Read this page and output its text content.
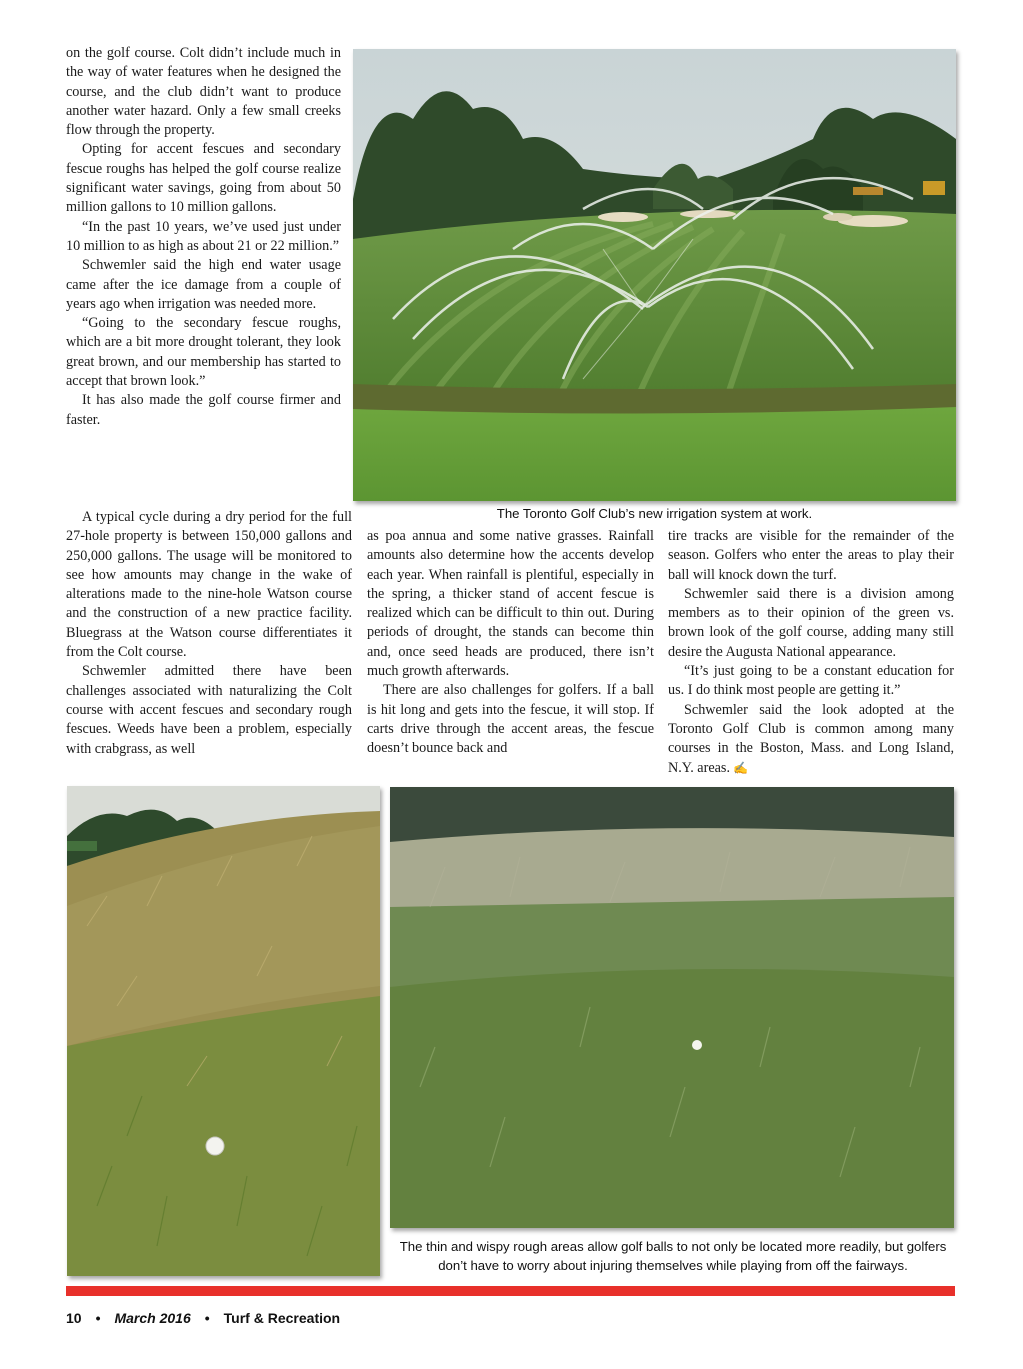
on the golf course. Colt didn’t include much in the way of water features when he designed the course, and the club didn’t want to produce another water hazard. Only a few small creeks flow through the property.

Opting for accent fescues and secondary fescue roughs has helped the golf course realize significant water savings, going from about 50 million gallons to 10 million gallons.

“In the past 10 years, we’ve used just under 10 million to as high as about 21 or 22 million.”

Schwemler said the high end water usage came after the ice damage from a couple of years ago when irrigation was needed more.

“Going to the secondary fescue roughs, which are a bit more drought tolerant, they look great brown, and our membership has started to accept that brown look.”

It has also made the golf course firmer and faster.

A typical cycle during a dry period for the full 27-hole property is between 150,000 gallons and 250,000 gallons. The usage will be monitored to see how amounts may change in the wake of alterations made to the nine-hole Watson course and the construction of a new practice facility. Bluegrass at the Watson course differentiates it from the Colt course.

Schwemler admitted there have been challenges associated with naturalizing the Colt course with accent fescues and secondary rough fescues. Weeds have been a problem, especially with crabgrass, as well

as poa annua and some native grasses. Rainfall amounts also determine how the accents develop each year. When rainfall is plentiful, especially in the spring, a thicker stand of accent fescue is realized which can be difficult to thin out. During periods of drought, the stands can become thin and, once seed heads are produced, there isn’t much growth afterwards.

There are also challenges for golfers. If a ball is hit long and gets into the fescue, it will stop. If carts drive through the accent areas, the fescue doesn’t bounce back and

tire tracks are visible for the remainder of the season. Golfers who enter the areas to play their ball will knock down the turf.

Schwemler said there is a division among members as to their opinion of the green vs. brown look of the golf course, adding many still desire the Augusta National appearance.

“It’s just going to be a constant education for us. I do think most people are getting it.”

Schwemler said the look adopted at the Toronto Golf Club is common among many courses in the Boston, Mass. and Long Island, N.Y. areas. ✍

The Toronto Golf Club’s new irrigation system at work.
The thin and wispy rough areas allow golf balls to not only be located more readily, but golfers don’t have to worry about injuring themselves while playing from off the fairways.
10 • March 2016 • Turf & Recreation
